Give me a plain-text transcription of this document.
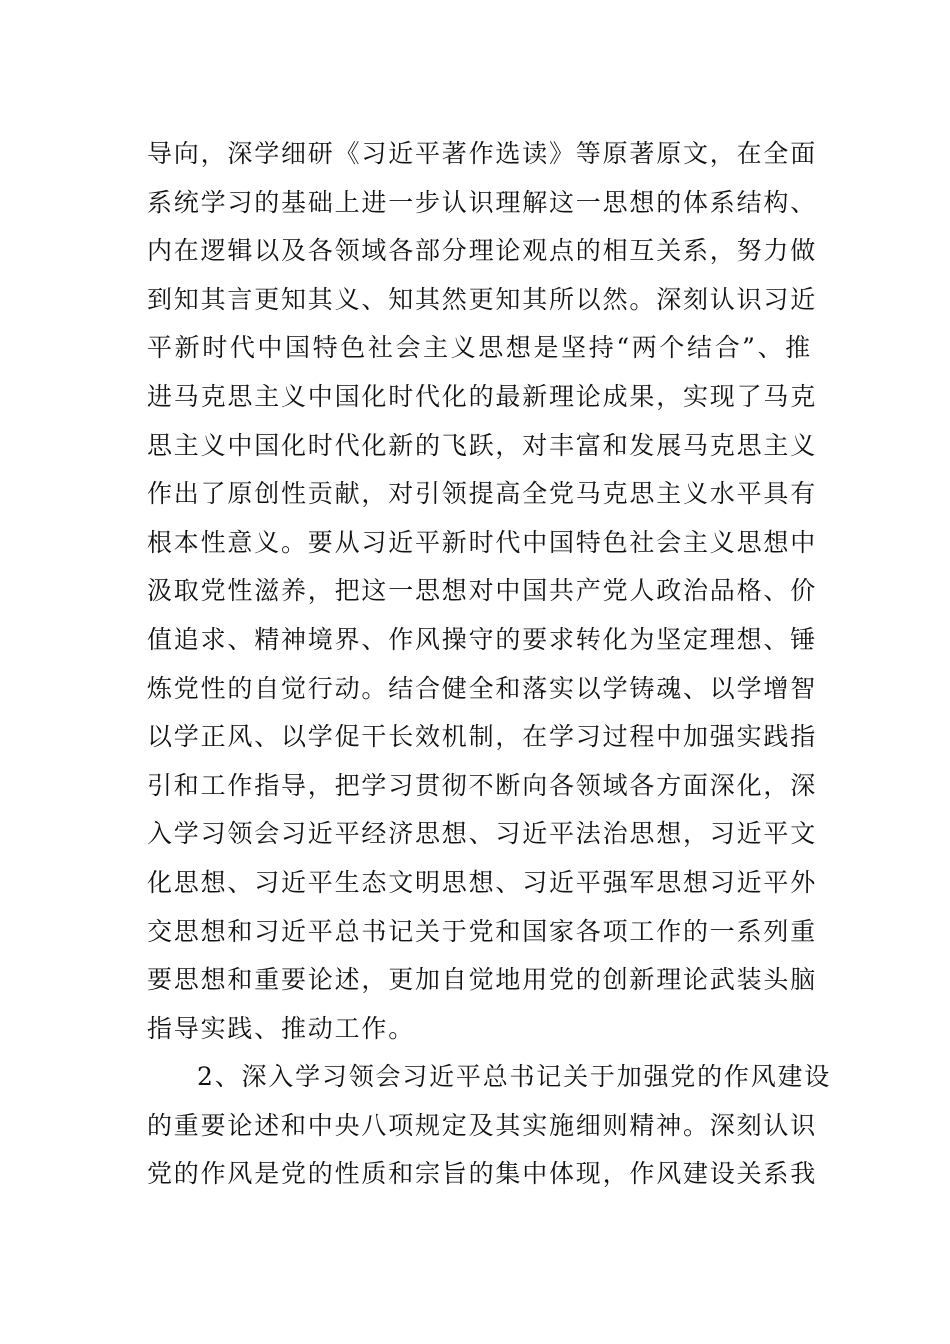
导向，深学细研《习近平著作选读》等原著原文，在全面
系统学习的基础上进一步认识理解这一思想的体系结构、
内在逻辑以及各领域各部分理论观点的相互关系，努力做
到知其言更知其义、知其然更知其所以然。深刻认识习近
平新时代中国特色社会主义思想是坚持“两个结合”、推
进马克思主义中国化时代化的最新理论成果，实现了马克
思主义中国化时代化新的飞跃，对丰富和发展马克思主义
作出了原创性贡献，对引领提高全党马克思主义水平具有
根本性意义。要从习近平新时代中国特色社会主义思想中
汲取党性滋养，把这一思想对中国共产党人政治品格、价
值追求、精神境界、作风操守的要求转化为坚定理想、锤
炼党性的自觉行动。结合健全和落实以学铸魂、以学增智
以学正风、以学促干长效机制，在学习过程中加强实践指
引和工作指导，把学习贯彻不断向各领域各方面深化，深
入学习领会习近平经济思想、习近平法治思想，习近平文
化思想、习近平生态文明思想、习近平强军思想习近平外
交思想和习近平总书记关于党和国家各项工作的一系列重
要思想和重要论述，更加自觉地用党的创新理论武装头脑
指导实践、推动工作。
2、深入学习领会习近平总书记关于加强党的作风建设
的重要论述和中央八项规定及其实施细则精神。深刻认识
党的作风是党的性质和宗旨的集中体现，作风建设关系我
